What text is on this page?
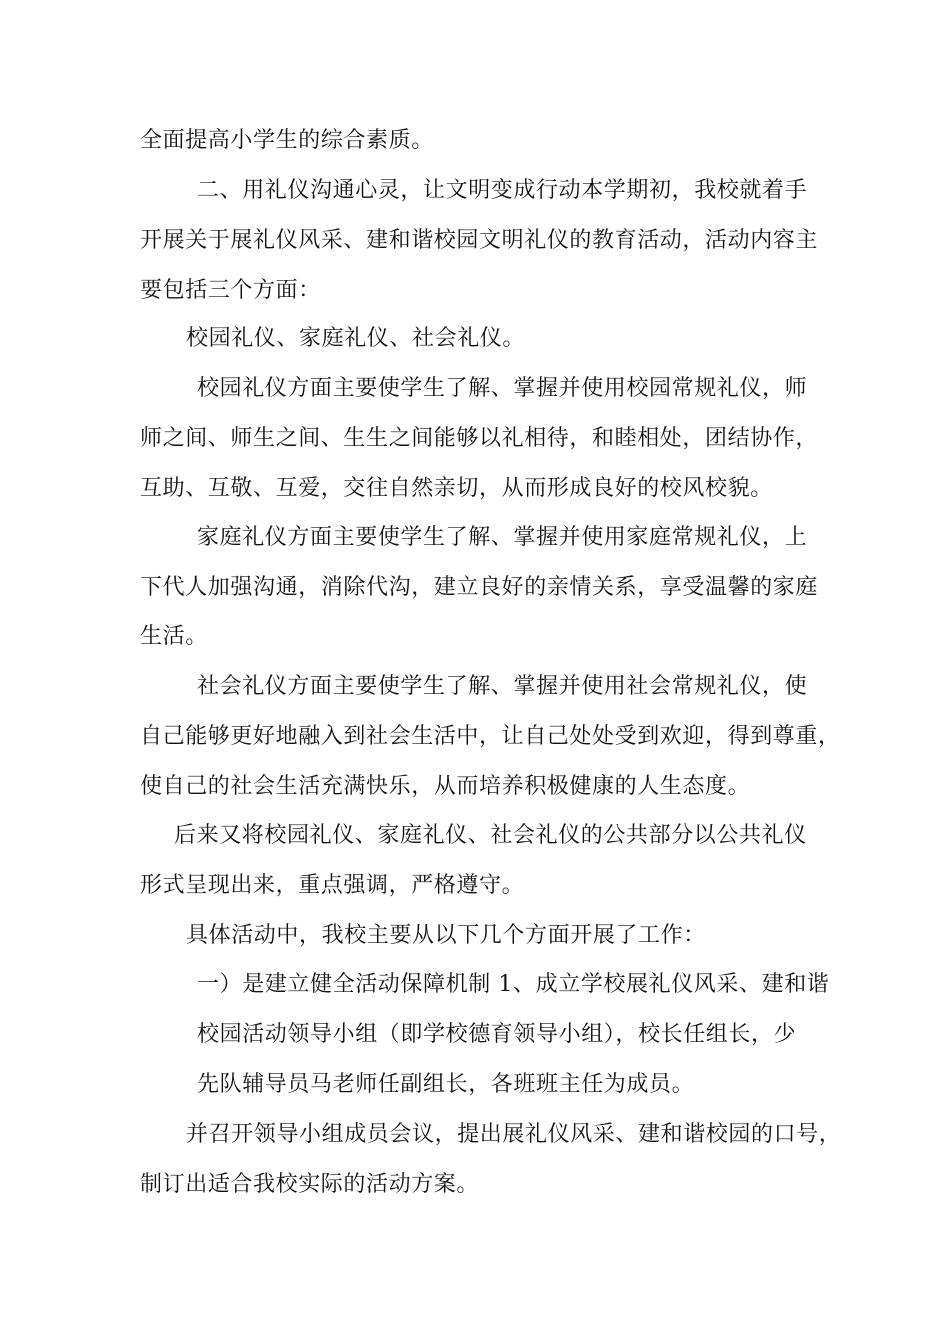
全面提高小学生的综合素质。
二、用礼仪沟通心灵，让文明变成行动本学期初，我校就着手
开展关于展礼仪风采、建和谐校园文明礼仪的教育活动，活动内容主
要包括三个方面：
校园礼仪、家庭礼仪、社会礼仪。
校园礼仪方面主要使学生了解、掌握并使用校园常规礼仪，师
师之间、师生之间、生生之间能够以礼相待，和睦相处，团结协作，
互助、互敬、互爱，交往自然亲切，从而形成良好的校风校貌。
家庭礼仪方面主要使学生了解、掌握并使用家庭常规礼仪，上
下代人加强沟通，消除代沟，建立良好的亲情关系，享受温馨的家庭
生活。
社会礼仪方面主要使学生了解、掌握并使用社会常规礼仪，使
自己能够更好地融入到社会生活中，让自己处处受到欢迎，得到尊重，
使自己的社会生活充满快乐，从而培养积极健康的人生态度。
后来又将校园礼仪、家庭礼仪、社会礼仪的公共部分以公共礼仪
形式呈现出来，重点强调，严格遵守。
具体活动中，我校主要从以下几个方面开展了工作：
一）是建立健全活动保障机制 1、成立学校展礼仪风采、建和谐
校园活动领导小组（即学校德育领导小组），校长任组长，少
先队辅导员马老师任副组长，各班班主任为成员。
并召开领导小组成员会议，提出展礼仪风采、建和谐校园的口号，
制订出适合我校实际的活动方案。
